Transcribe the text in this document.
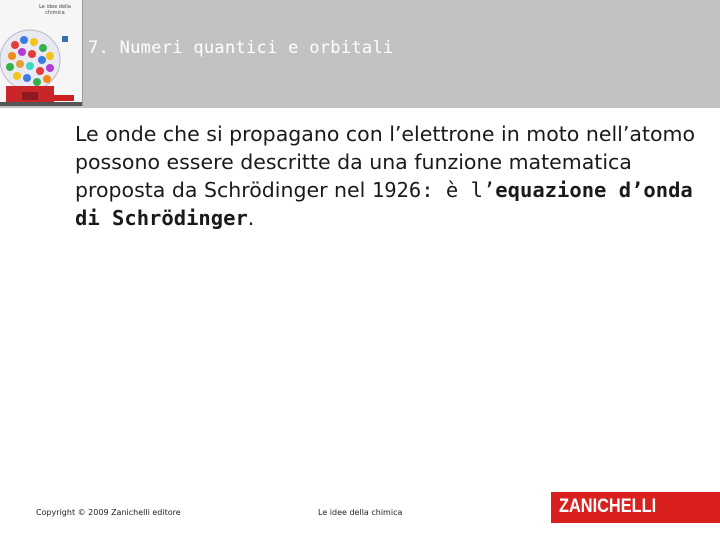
Le idee della chimica
7. Numeri quantici e orbitali
Le onde che si propagano con l’elettrone in moto nell’atomo possono essere descritte da una funzione matematica proposta da Schrödinger nel 1926: è l’equazione d’onda di Schrödinger.
Copyright © 2009 Zanichelli editore	Le idee della chimica	ZANICHELLI
